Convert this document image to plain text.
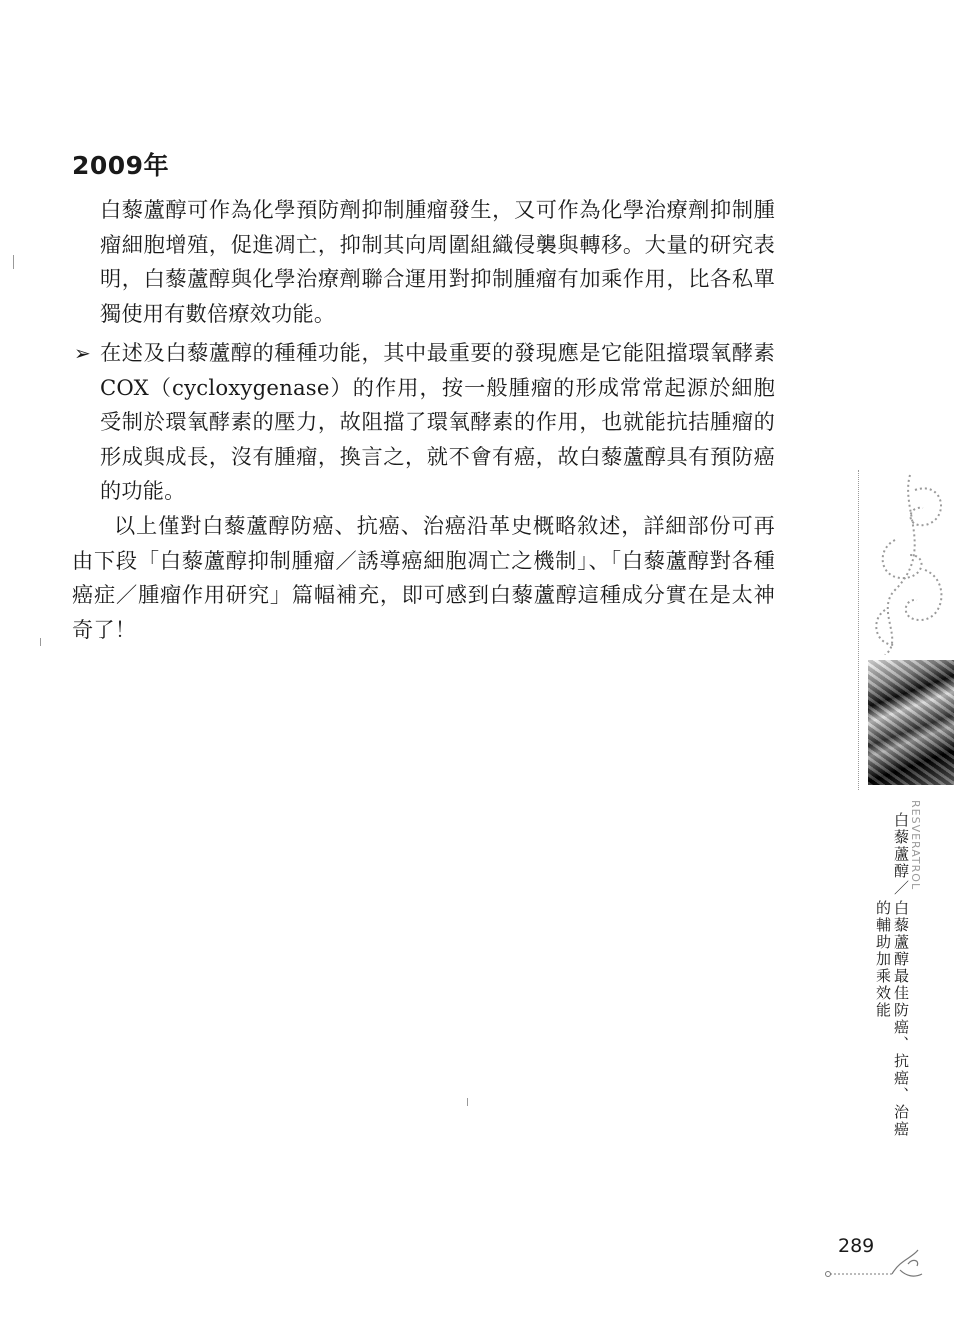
2009年
白藜蘆醇可作為化學預防劑抑制腫瘤發生，又可作為化學治療劑抑制腫瘤細胞增殖，促進凋亡，抑制其向周圍組織侵襲與轉移。大量的研究表明，白藜蘆醇與化學治療劑聯合運用對抑制腫瘤有加乘作用，比各私單獨使用有數倍療效功能。
➢ 在述及白藜蘆醇的種種功能，其中最重要的發現應是它能阻擋環氧酵素COX（cycloxygenase）的作用，按一般腫瘤的形成常常起源於細胞受制於環氧酵素的壓力，故阻擋了環氧酵素的作用，也就能抗拮腫瘤的形成與成長，沒有腫瘤，換言之，就不會有癌，故白藜蘆醇具有預防癌的功能。
以上僅對白藜蘆醇防癌、抗癌、治癌沿革史概略敘述，詳細部份可再由下段「白藜蘆醇抑制腫瘤／誘導癌細胞凋亡之機制」、「白藜蘆醇對各種癌症／腫瘤作用研究」篇幅補充，即可感到白藜蘆醇這種成分實在是太神奇了！
RESVERATROL
白藜蘆醇／
白藜蘆醇最佳防癌、抗癌、治癌
的輔助加乘效能
289
